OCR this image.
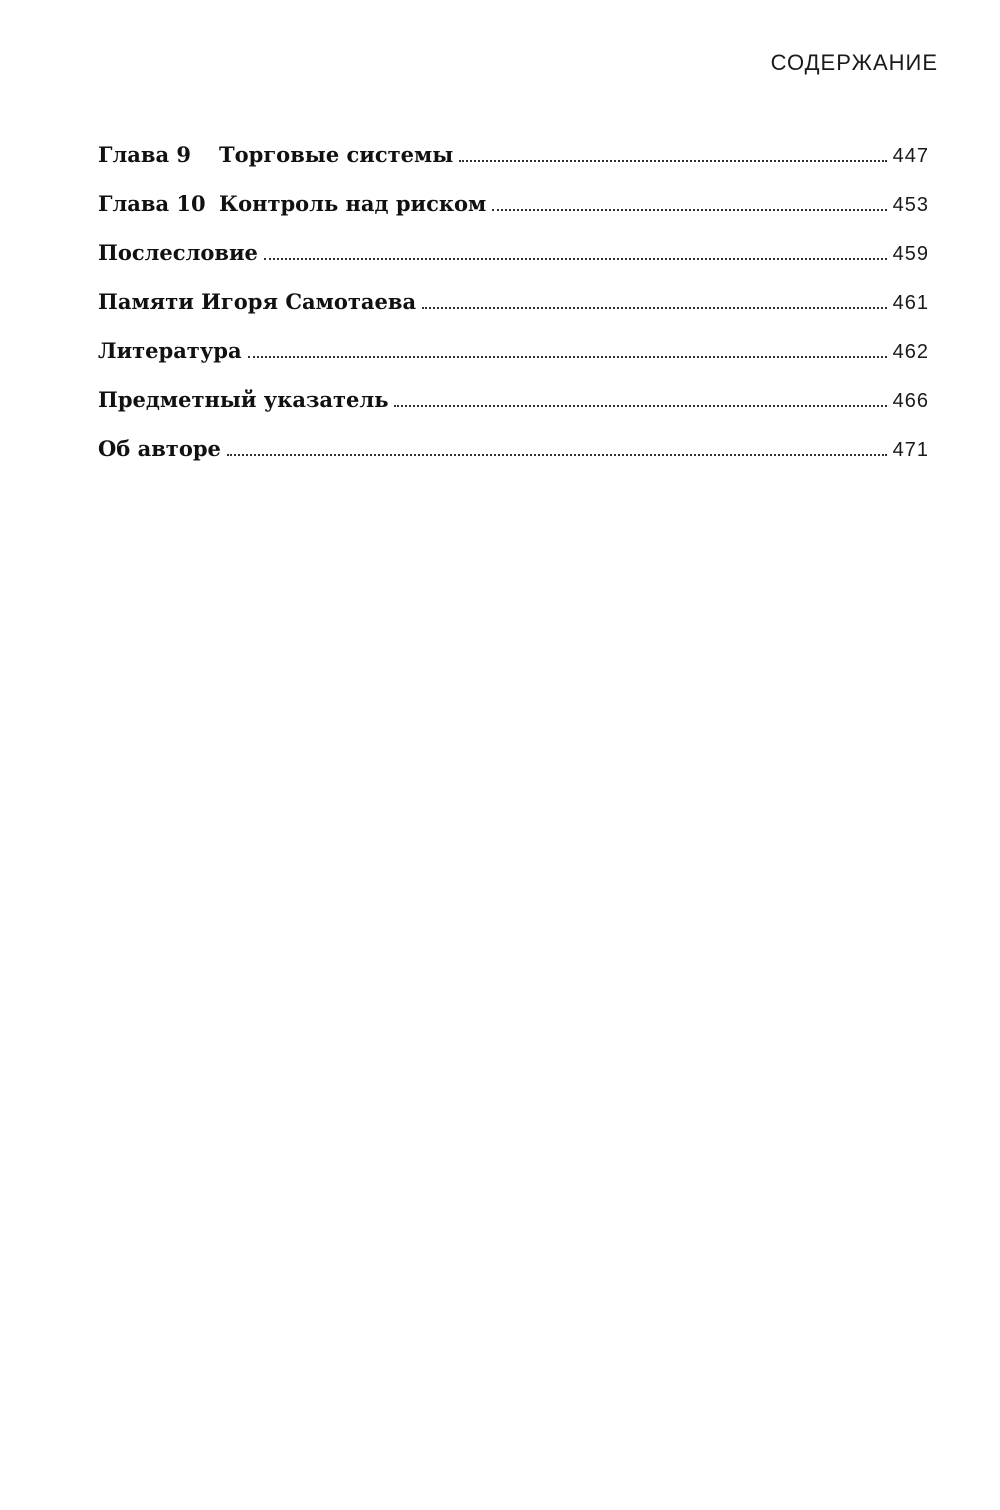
СОДЕРЖАНИЕ
Глава 9	Торговые системы	447
Глава 10 Контроль над риском	453
Послесловие	459
Памяти Игоря Самотаева	461
Литература	462
Предметный указатель	466
Об авторе	471
